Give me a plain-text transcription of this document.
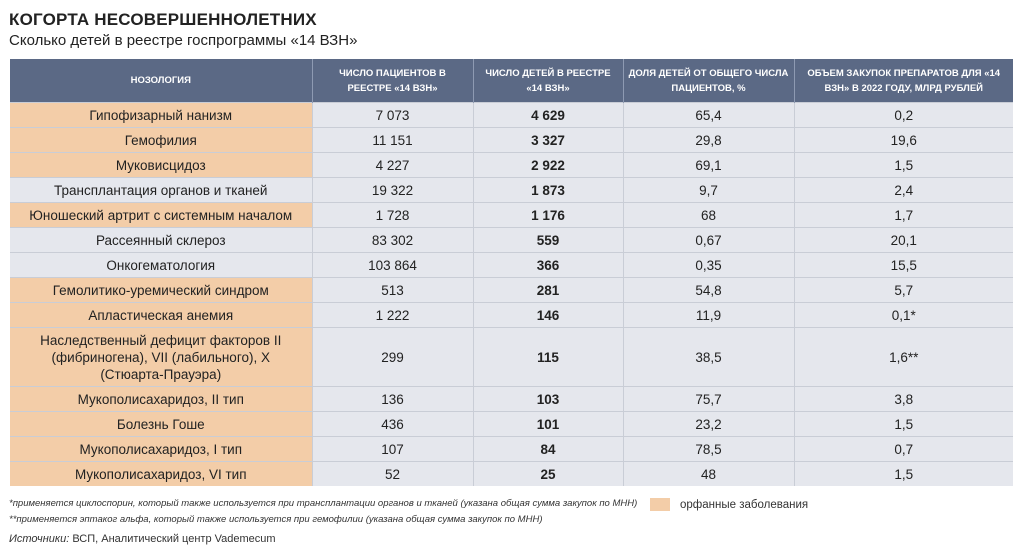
КОГОРТА НЕСОВЕРШЕННОЛЕТНИХ
Сколько детей в реестре госпрограммы «14 ВЗН»
НОЗОЛОГИЯ	ЧИСЛО ПАЦИЕНТОВ В РЕЕСТРЕ «14 ВЗН»	ЧИСЛО ДЕТЕЙ В РЕЕСТРЕ «14 ВЗН»	ДОЛЯ ДЕТЕЙ ОТ ОБЩЕГО ЧИСЛА ПАЦИЕНТОВ, %	ОБЪЕМ ЗАКУПОК ПРЕПАРАТОВ ДЛЯ «14 ВЗН» В 2022 ГОДУ, МЛРД РУБЛЕЙ
Гипофизарный нанизм	7 073	4 629	65,4	0,2
Гемофилия	11 151	3 327	29,8	19,6
Муковисцидоз	4 227	2 922	69,1	1,5
Трансплантация органов и тканей	19 322	1 873	9,7	2,4
Юношеский артрит с системным началом	1 728	1 176	68	1,7
Рассеянный склероз	83 302	559	0,67	20,1
Онкогематология	103 864	366	0,35	15,5
Гемолитико-уремический синдром	513	281	54,8	5,7
Апластическая анемия	1 222	146	11,9	0,1*
Наследственный дефицит факторов II (фибриногена), VII (лабильного), X (Стюарта-Прауэра)	299	115	38,5	1,6**
Мукополисахаридоз, II тип	136	103	75,7	3,8
Болезнь Гоше	436	101	23,2	1,5
Мукополисахаридоз, I тип	107	84	78,5	0,7
Мукополисахаридоз, VI тип	52	25	48	1,5
*применяется циклоспорин, который также используется при трансплантации органов и тканей (указана общая сумма закупок по МНН)
**применяется эптаког альфа, который также используется при гемофилии (указана общая сумма закупок по МНН)
Источники: ВСП, Аналитический центр Vademecum
орфанные заболевания
